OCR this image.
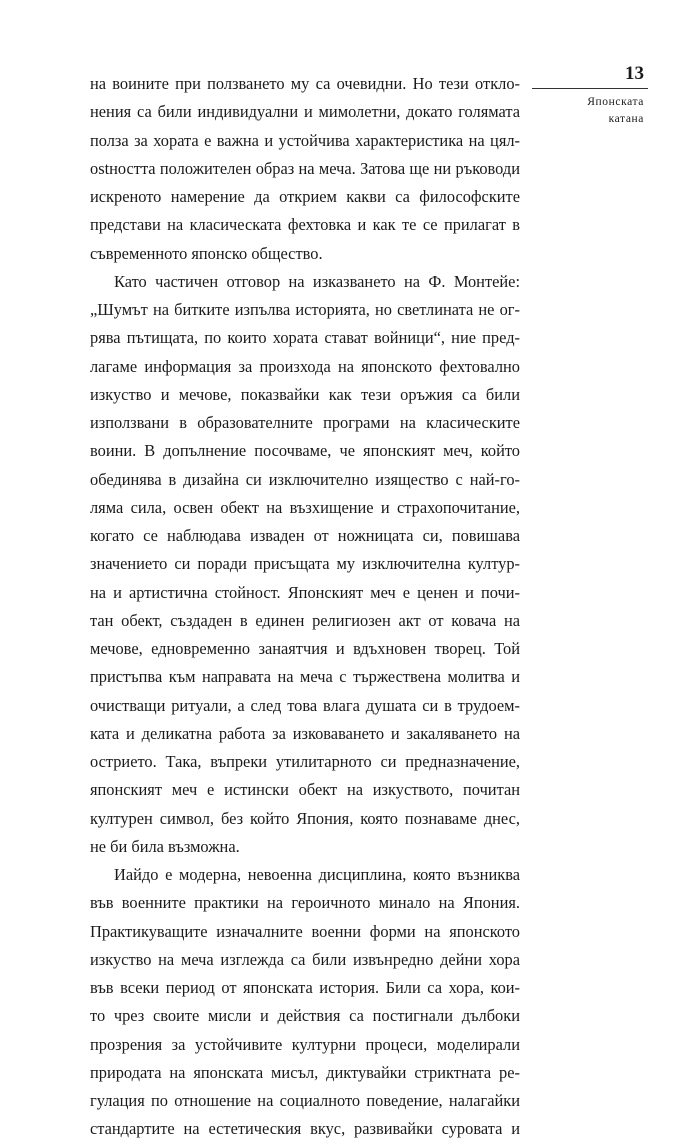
13
Японската
катана
на воините при ползването му са очевидни. Но тези откло-
нения са били индивидуални и мимолетни, докато голямата
полза за хората е важна и устойчива характеристика на цял-
ostността положителен образ на меча. Затова ще ни ръководи
искреното намерение да открием какви са философските
представи на класическата фехтовка и как те се прилагат в
съвременното японско общество.
Като частичен отговор на изказването на Ф. Монтейе:
„Шумът на битките изпълва историята, но светлината не ог-
рява пътищата, по които хората стават войници“, ние пред-
лагаме информация за произхода на японското фехтовално
изкуство и мечове, показвайки как тези оръжия са били
използвани в образователните програми на класическите
воини. В допълнение посочваме, че японският меч, който
обединява в дизайна си изключително изящество с най-го-
ляма сила, освен обект на възхищение и страхопочитание,
когато се наблюдава изваден от ножницата си, повишава
значението си поради присъщата му изключителна култур-
на и артистична стойност. Японският меч е ценен и почи-
тан обект, създаден в единен религиозен акт от ковача на
мечове, едновременно занаятчия и вдъхновен творец. Той
пристъпва към направата на меча с тържествена молитва и
очистващи ритуали, а след това влага душата си в трудоем-
ката и деликатна работа за изковаването и закаляването на
острието. Така, въпреки утилитарното си предназначение,
японският меч е истински обект на изкуството, почитан
културен символ, без който Япония, която познаваме днес,
не би била възможна.
Иайдо е модерна, невоенна дисциплина, която възниква
във военните практики на героичното минало на Япония.
Практикуващите изначалните военни форми на японското
изкуство на меча изглежда са били извънредно дейни хора
във всеки период от японската история. Били са хора, кои-
то чрез своите мисли и действия са постигнали дълбоки
прозрения за устойчивите културни процеси, моделирали
природата на японската мисъл, диктувайки стриктната ре-
гулация по отношение на социалното поведение, налагайки
стандартите на естетическия вкус, развивайки суровата и
